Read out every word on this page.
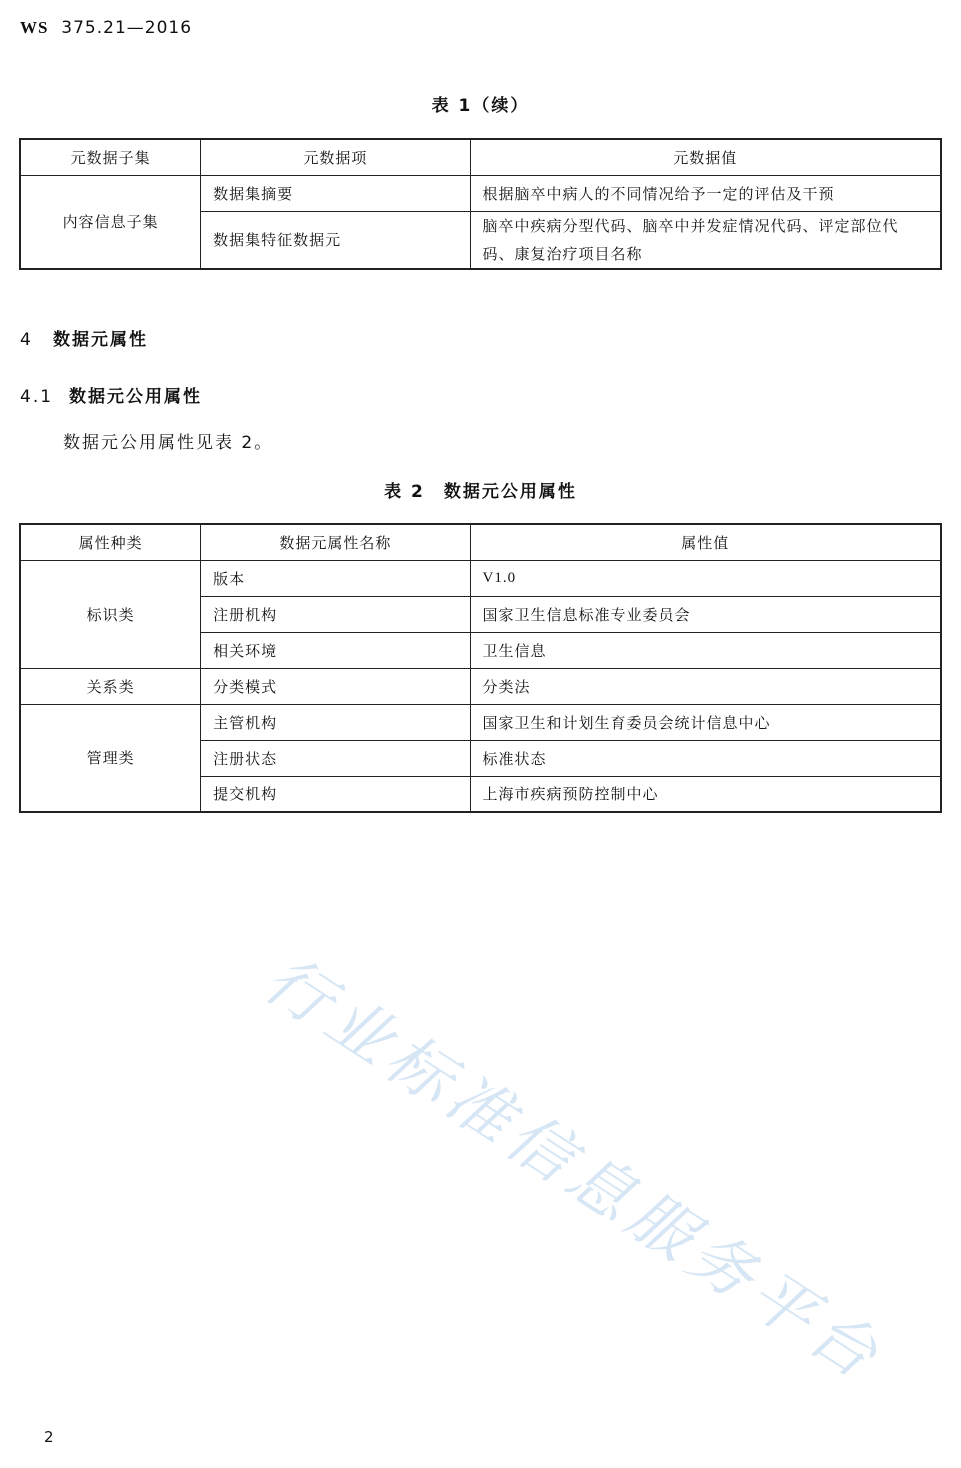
WS 375.21—2016
表 1（续）
元数据子集	元数据项	元数据值
内容信息子集	数据集摘要	根据脑卒中病人的不同情况给予一定的评估及干预
	数据集特征数据元	脑卒中疾病分型代码、脑卒中并发症情况代码、评定部位代码、康复治疗项目名称
4 数据元属性
4.1 数据元公用属性
数据元公用属性见表 2。
表 2　数据元公用属性
属性种类	数据元属性名称	属性值
标识类	版本	V1.0
	注册机构	国家卫生信息标准专业委员会
	相关环境	卫生信息
关系类	分类模式	分类法
管理类	主管机构	国家卫生和计划生育委员会统计信息中心
	注册状态	标准状态
	提交机构	上海市疾病预防控制中心
行业标准信息服务平台
2
